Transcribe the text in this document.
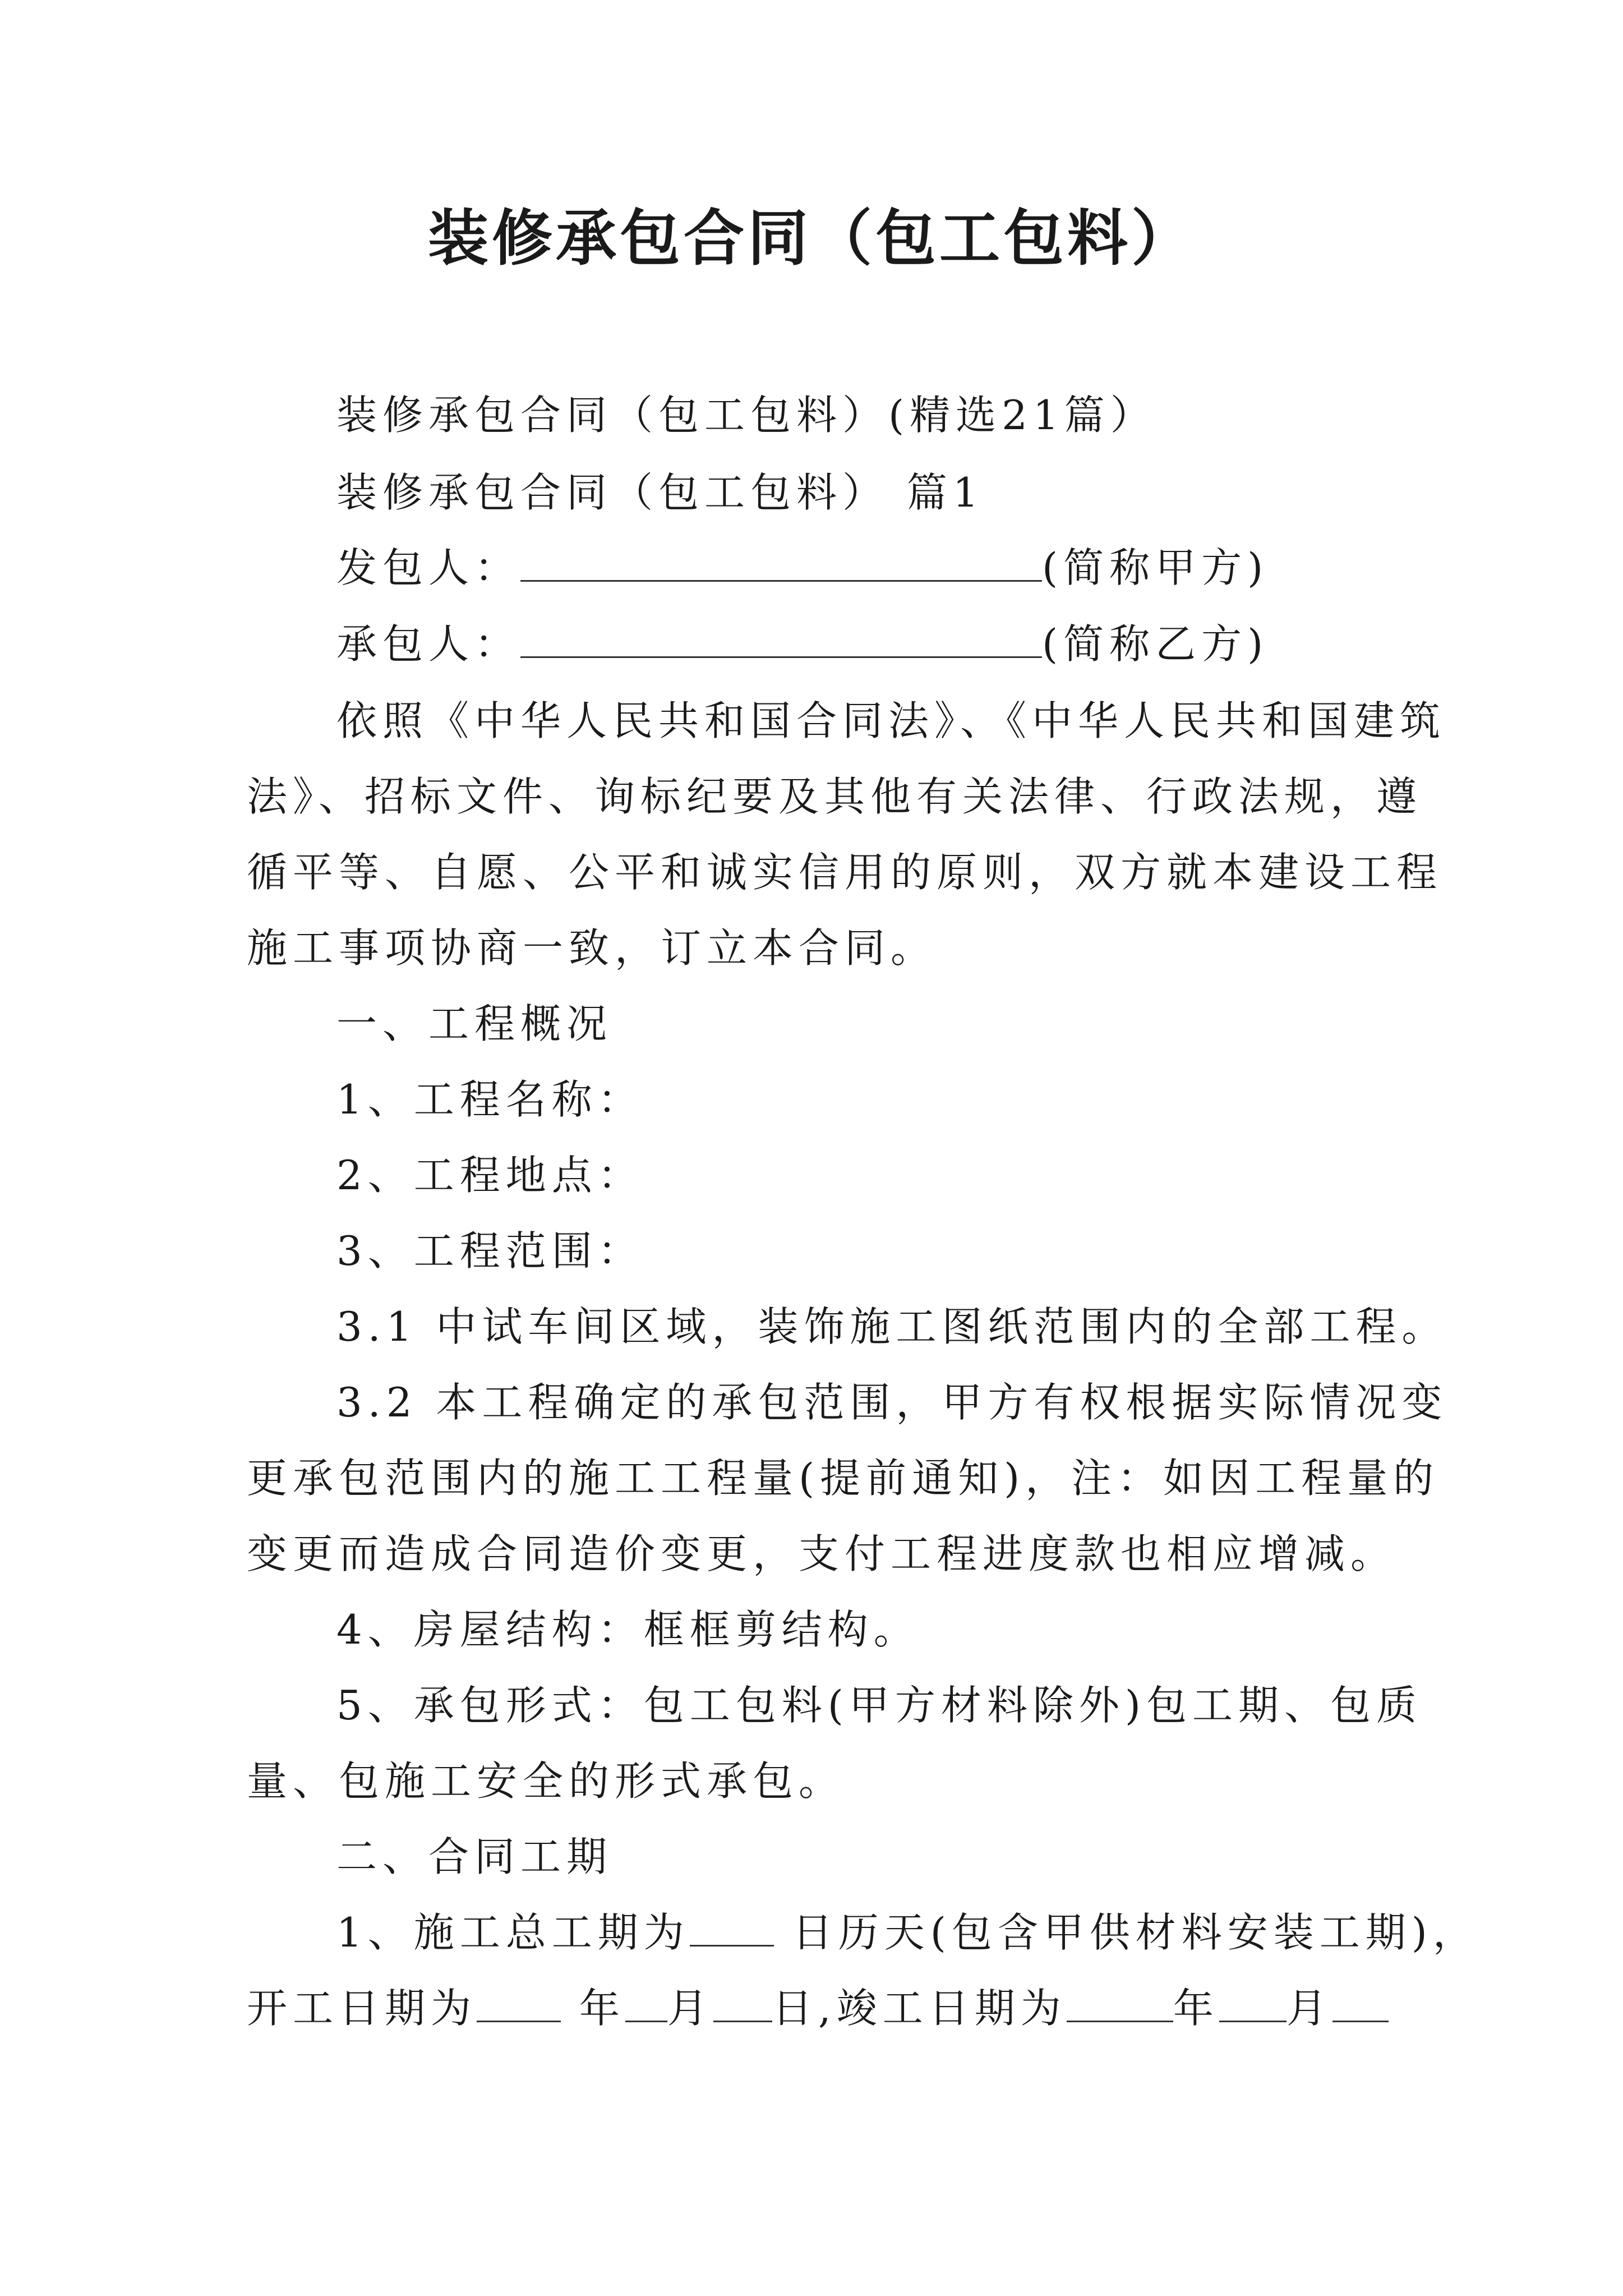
装修承包合同（包工包料）
装修承包合同（包工包料）(精选21篇）
装修承包合同（包工包料） 篇1
发包人：	(简称甲方)
承包人：	(简称乙方)
依照《中华人民共和国合同法》、《中华人民共和国建筑
法》、招标文件、询标纪要及其他有关法律、行政法规，遵
循平等、自愿、公平和诚实信用的原则，双方就本建设工程
施工事项协商一致，订立本合同。
一、工程概况
1、工程名称：
2、工程地点：
3、工程范围：
3.1 中试车间区域，装饰施工图纸范围内的全部工程。
3.2 本工程确定的承包范围，甲方有权根据实际情况变
更承包范围内的施工工程量(提前通知)，注：如因工程量的
变更而造成合同造价变更，支付工程进度款也相应增减。
4、房屋结构：框框剪结构。
5、承包形式：包工包料(甲方材料除外)包工期、包质
量、包施工安全的形式承包。
二、合同工期
1、施工总工期为 日历天(包含甲供材料安装工期)，
开工日期为 年 月 日,竣工日期为	年 月
